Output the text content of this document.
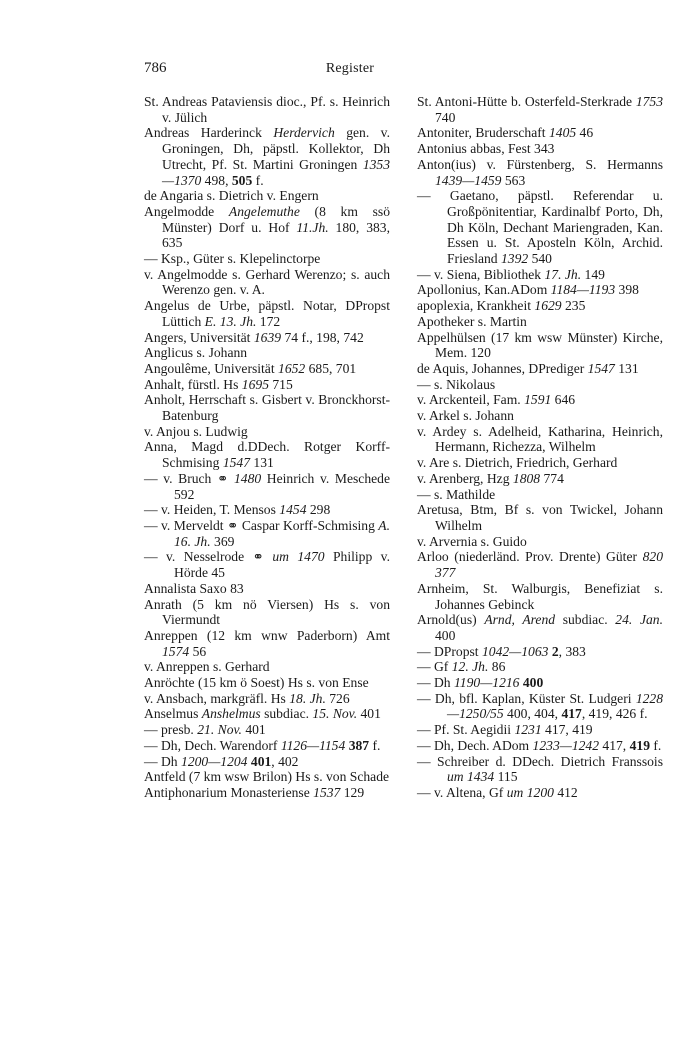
786	Register
St. Andreas Pataviensis dioc., Pf. s. Heinrich v. Jülich
Andreas Harderinck Herdervich gen. v. Groningen, Dh, päpstl. Kollektor, Dh Utrecht, Pf. St. Martini Groningen 1353—1370 498, 505 f.
de Angaria s. Dietrich v. Engern
Angelmodde Angelemuthe (8 km ssö Münster) Dorf u. Hof 11.Jh. 180, 383, 635
— Ksp., Güter s. Klepelinctorpe
v. Angelmodde s. Gerhard Werenzo; s. auch Werenzo gen. v. A.
Angelus de Urbe, päpstl. Notar, DPropst Lüttich E. 13. Jh. 172
Angers, Universität 1639 74 f., 198, 742
Anglicus s. Johann
Angoulême, Universität 1652 685, 701
Anhalt, fürstl. Hs 1695 715
Anholt, Herrschaft s. Gisbert v. Bronckhorst-Batenburg
v. Anjou s. Ludwig
Anna, Magd d.DDech. Rotger Korff-Schmising 1547 131
— v. Bruch ⚭ 1480 Heinrich v. Meschede 592
— v. Heiden, T. Mensos 1454 298
— v. Merveldt ⚭ Caspar Korff-Schmising A. 16. Jh. 369
— v. Nesselrode ⚭ um 1470 Philipp v. Hörde 45
Annalista Saxo 83
Anrath (5 km nö Viersen) Hs s. von Viermundt
Anreppen (12 km wnw Paderborn) Amt 1574 56
v. Anreppen s. Gerhard
Anröchte (15 km ö Soest) Hs s. von Ense
v. Ansbach, markgräfl. Hs 18. Jh. 726
Anselmus Anshelmus subdiac. 15. Nov. 401
— presb. 21. Nov. 401
— Dh, Dech. Warendorf 1126—1154 387 f.
— Dh 1200—1204 401, 402
Antfeld (7 km wsw Brilon) Hs s. von Schade
Antiphonarium Monasteriense 1537 129
St. Antoni-Hütte b. Osterfeld-Sterkrade 1753 740
Antoniter, Bruderschaft 1405 46
Antonius abbas, Fest 343
Anton(ius) v. Fürstenberg, S. Hermanns 1439—1459 563
— Gaetano, päpstl. Referendar u. Großpönitentiar, Kardinalbf Porto, Dh, Dh Köln, Dechant Mariengraden, Kan. Essen u. St. Aposteln Köln, Archid. Friesland 1392 540
— v. Siena, Bibliothek 17. Jh. 149
Apollonius, Kan.ADom 1184—1193 398
apoplexia, Krankheit 1629 235
Apotheker s. Martin
Appelhülsen (17 km wsw Münster) Kirche, Mem. 120
de Aquis, Johannes, DPrediger 1547 131
— s. Nikolaus
v. Arckenteil, Fam. 1591 646
v. Arkel s. Johann
v. Ardey s. Adelheid, Katharina, Heinrich, Hermann, Richezza, Wilhelm
v. Are s. Dietrich, Friedrich, Gerhard
v. Arenberg, Hzg 1808 774
— s. Mathilde
Aretusa, Btm, Bf s. von Twickel, Johann Wilhelm
v. Arvernia s. Guido
Arloo (niederländ. Prov. Drente) Güter 820 377
Arnheim, St. Walburgis, Benefiziat s. Johannes Gebinck
Arnold(us) Arnd, Arend subdiac. 24. Jan. 400
— DPropst 1042—1063 2, 383
— Gf 12. Jh. 86
— Dh 1190—1216 400
— Dh, bfl. Kaplan, Küster St. Ludgeri 1228—1250/55 400, 404, 417, 419, 426 f.
— Pf. St. Aegidii 1231 417, 419
— Dh, Dech. ADom 1233—1242 417, 419 f.
— Schreiber d. DDech. Dietrich Franssois um 1434 115
— v. Altena, Gf um 1200 412
